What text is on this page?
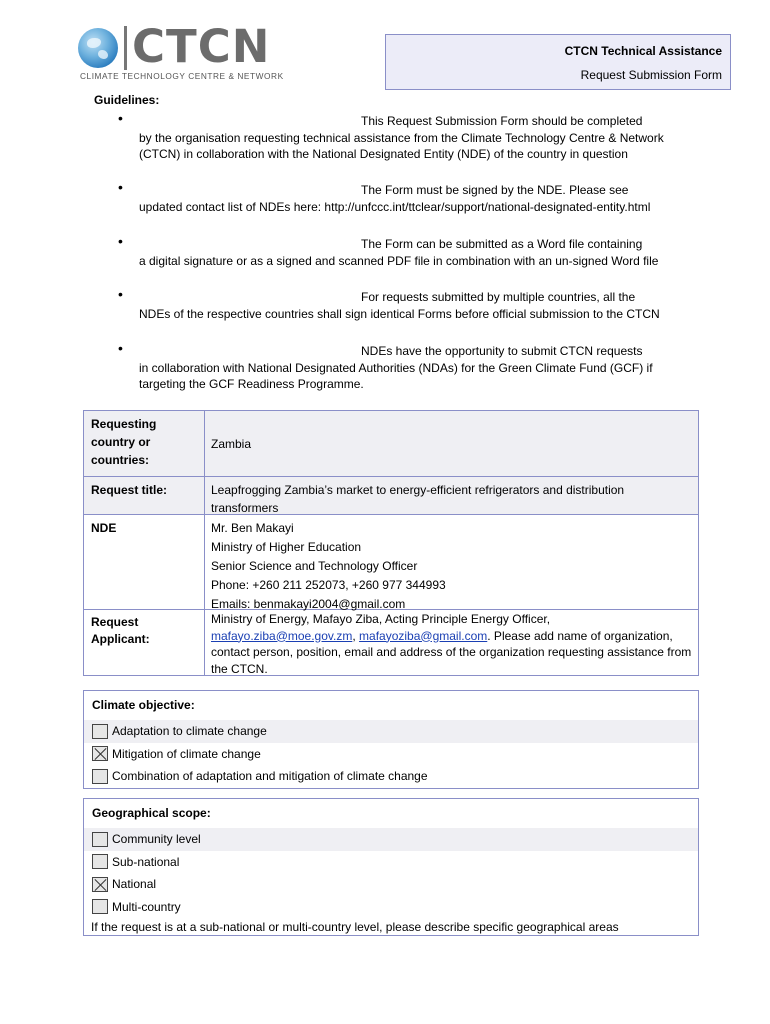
CTCN
CLIMATE TECHNOLOGY CENTRE & NETWORK
CTCN Technical Assistance
Request Submission Form
Guidelines:
•	This Request Submission Form should be completed
by the organisation requesting technical assistance from the Climate Technology Centre & Network (CTCN) in collaboration with the National Designated Entity (NDE) of the country in question
•	The Form must be signed by the NDE. Please see
updated contact list of NDEs here: http://unfccc.int/ttclear/support/national-designated-entity.html
•	The Form can be submitted as a Word file containing
a digital signature or as a signed and scanned PDF file in combination with an un-signed Word file
•	For requests submitted by multiple countries, all the
NDEs of the respective countries shall sign identical Forms before official submission to the CTCN
•	NDEs have the opportunity to submit CTCN requests
in collaboration with National Designated Authorities (NDAs) for the Green Climate Fund (GCF) if targeting the GCF Readiness Programme.
Requesting country or countries:
Zambia
Request title:	Leapfrogging Zambia’s market to energy-efficient refrigerators and distribution transformers
NDE	Mr. Ben Makayi
Ministry of Higher Education
Senior Science and Technology Officer
Phone: +260 211 252073, +260 977 344993
Emails: benmakayi2004@gmail.com
Request Applicant:
Ministry of Energy, Mafayo Ziba, Acting Principle Energy Officer,
mafayo.ziba@moe.gov.zm, mafayoziba@gmail.com. Please add name of organization, contact person, position, email and address of the organization requesting assistance from the CTCN.
Climate objective:
Adaptation to climate change
Mitigation of climate change
Combination of adaptation and mitigation of climate change
Geographical scope:
Community level
Sub-national
National
Multi-country
If the request is at a sub-national or multi-country level, please describe specific geographical areas
